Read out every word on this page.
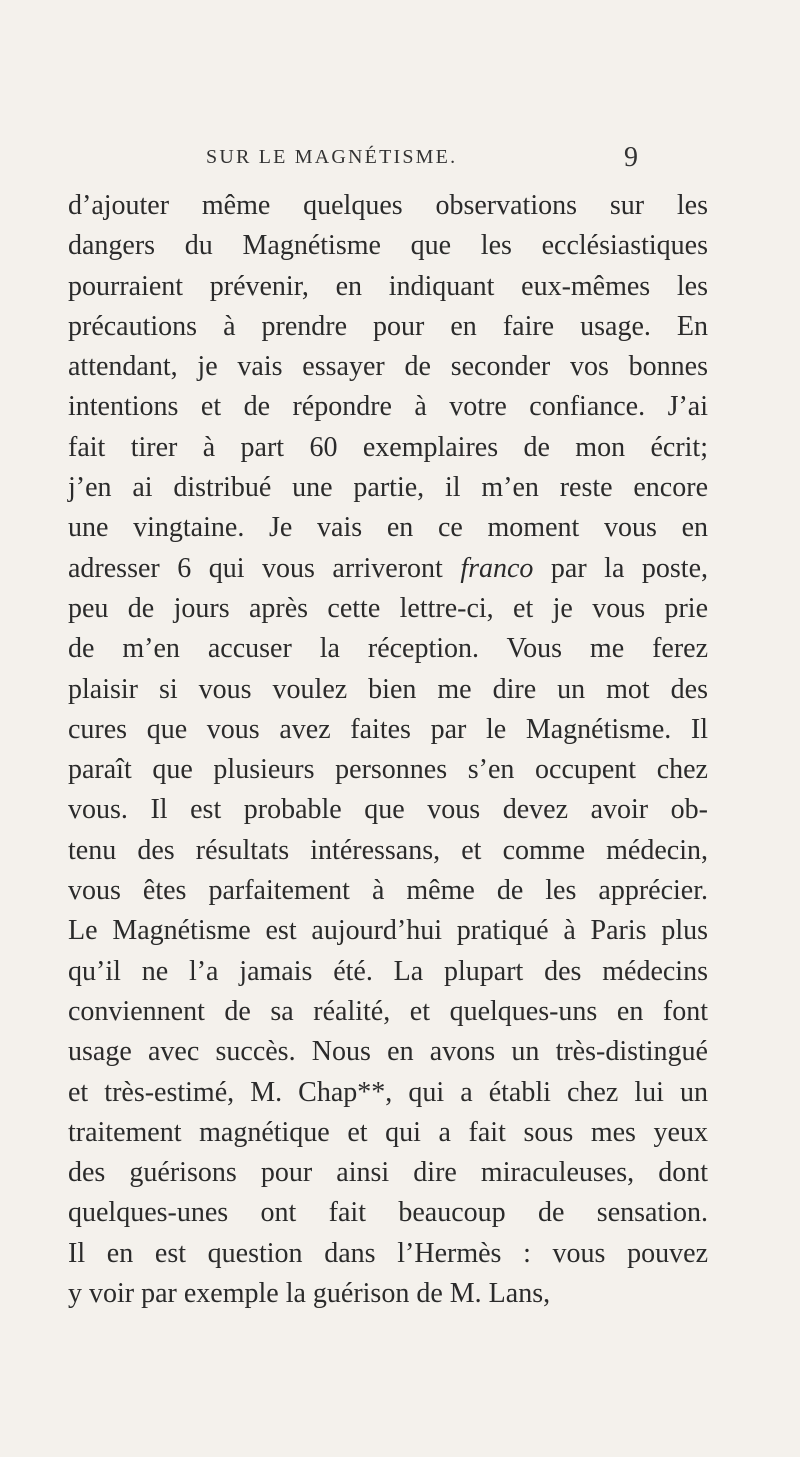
SUR LE MAGNÉTISME.	9
d’ajouter même quelques observations sur les
dangers du Magnétisme que les ecclésiastiques
pourraient prévenir, en indiquant eux-mêmes les
précautions à prendre pour en faire usage. En
attendant, je vais essayer de seconder vos bonnes
intentions et de répondre à votre confiance. J’ai
fait tirer à part 60 exemplaires de mon écrit;
j’en ai distribué une partie, il m’en reste encore
une vingtaine. Je vais en ce moment vous en
adresser 6 qui vous arriveront franco par la poste,
peu de jours après cette lettre-ci, et je vous prie
de m’en accuser la réception. Vous me ferez
plaisir si vous voulez bien me dire un mot des
cures que vous avez faites par le Magnétisme. Il
paraît que plusieurs personnes s’en occupent chez
vous. Il est probable que vous devez avoir ob-
tenu des résultats intéressans, et comme médecin,
vous êtes parfaitement à même de les apprécier.
Le Magnétisme est aujourd’hui pratiqué à Paris plus
qu’il ne l’a jamais été. La plupart des médecins
conviennent de sa réalité, et quelques-uns en font
usage avec succès. Nous en avons un très-distingué
et très-estimé, M. Chap**, qui a établi chez lui un
traitement magnétique et qui a fait sous mes yeux
des guérisons pour ainsi dire miraculeuses, dont
quelques-unes ont fait beaucoup de sensation.
Il en est question dans l’Hermès : vous pouvez
y voir par exemple la guérison de M. Lans,
